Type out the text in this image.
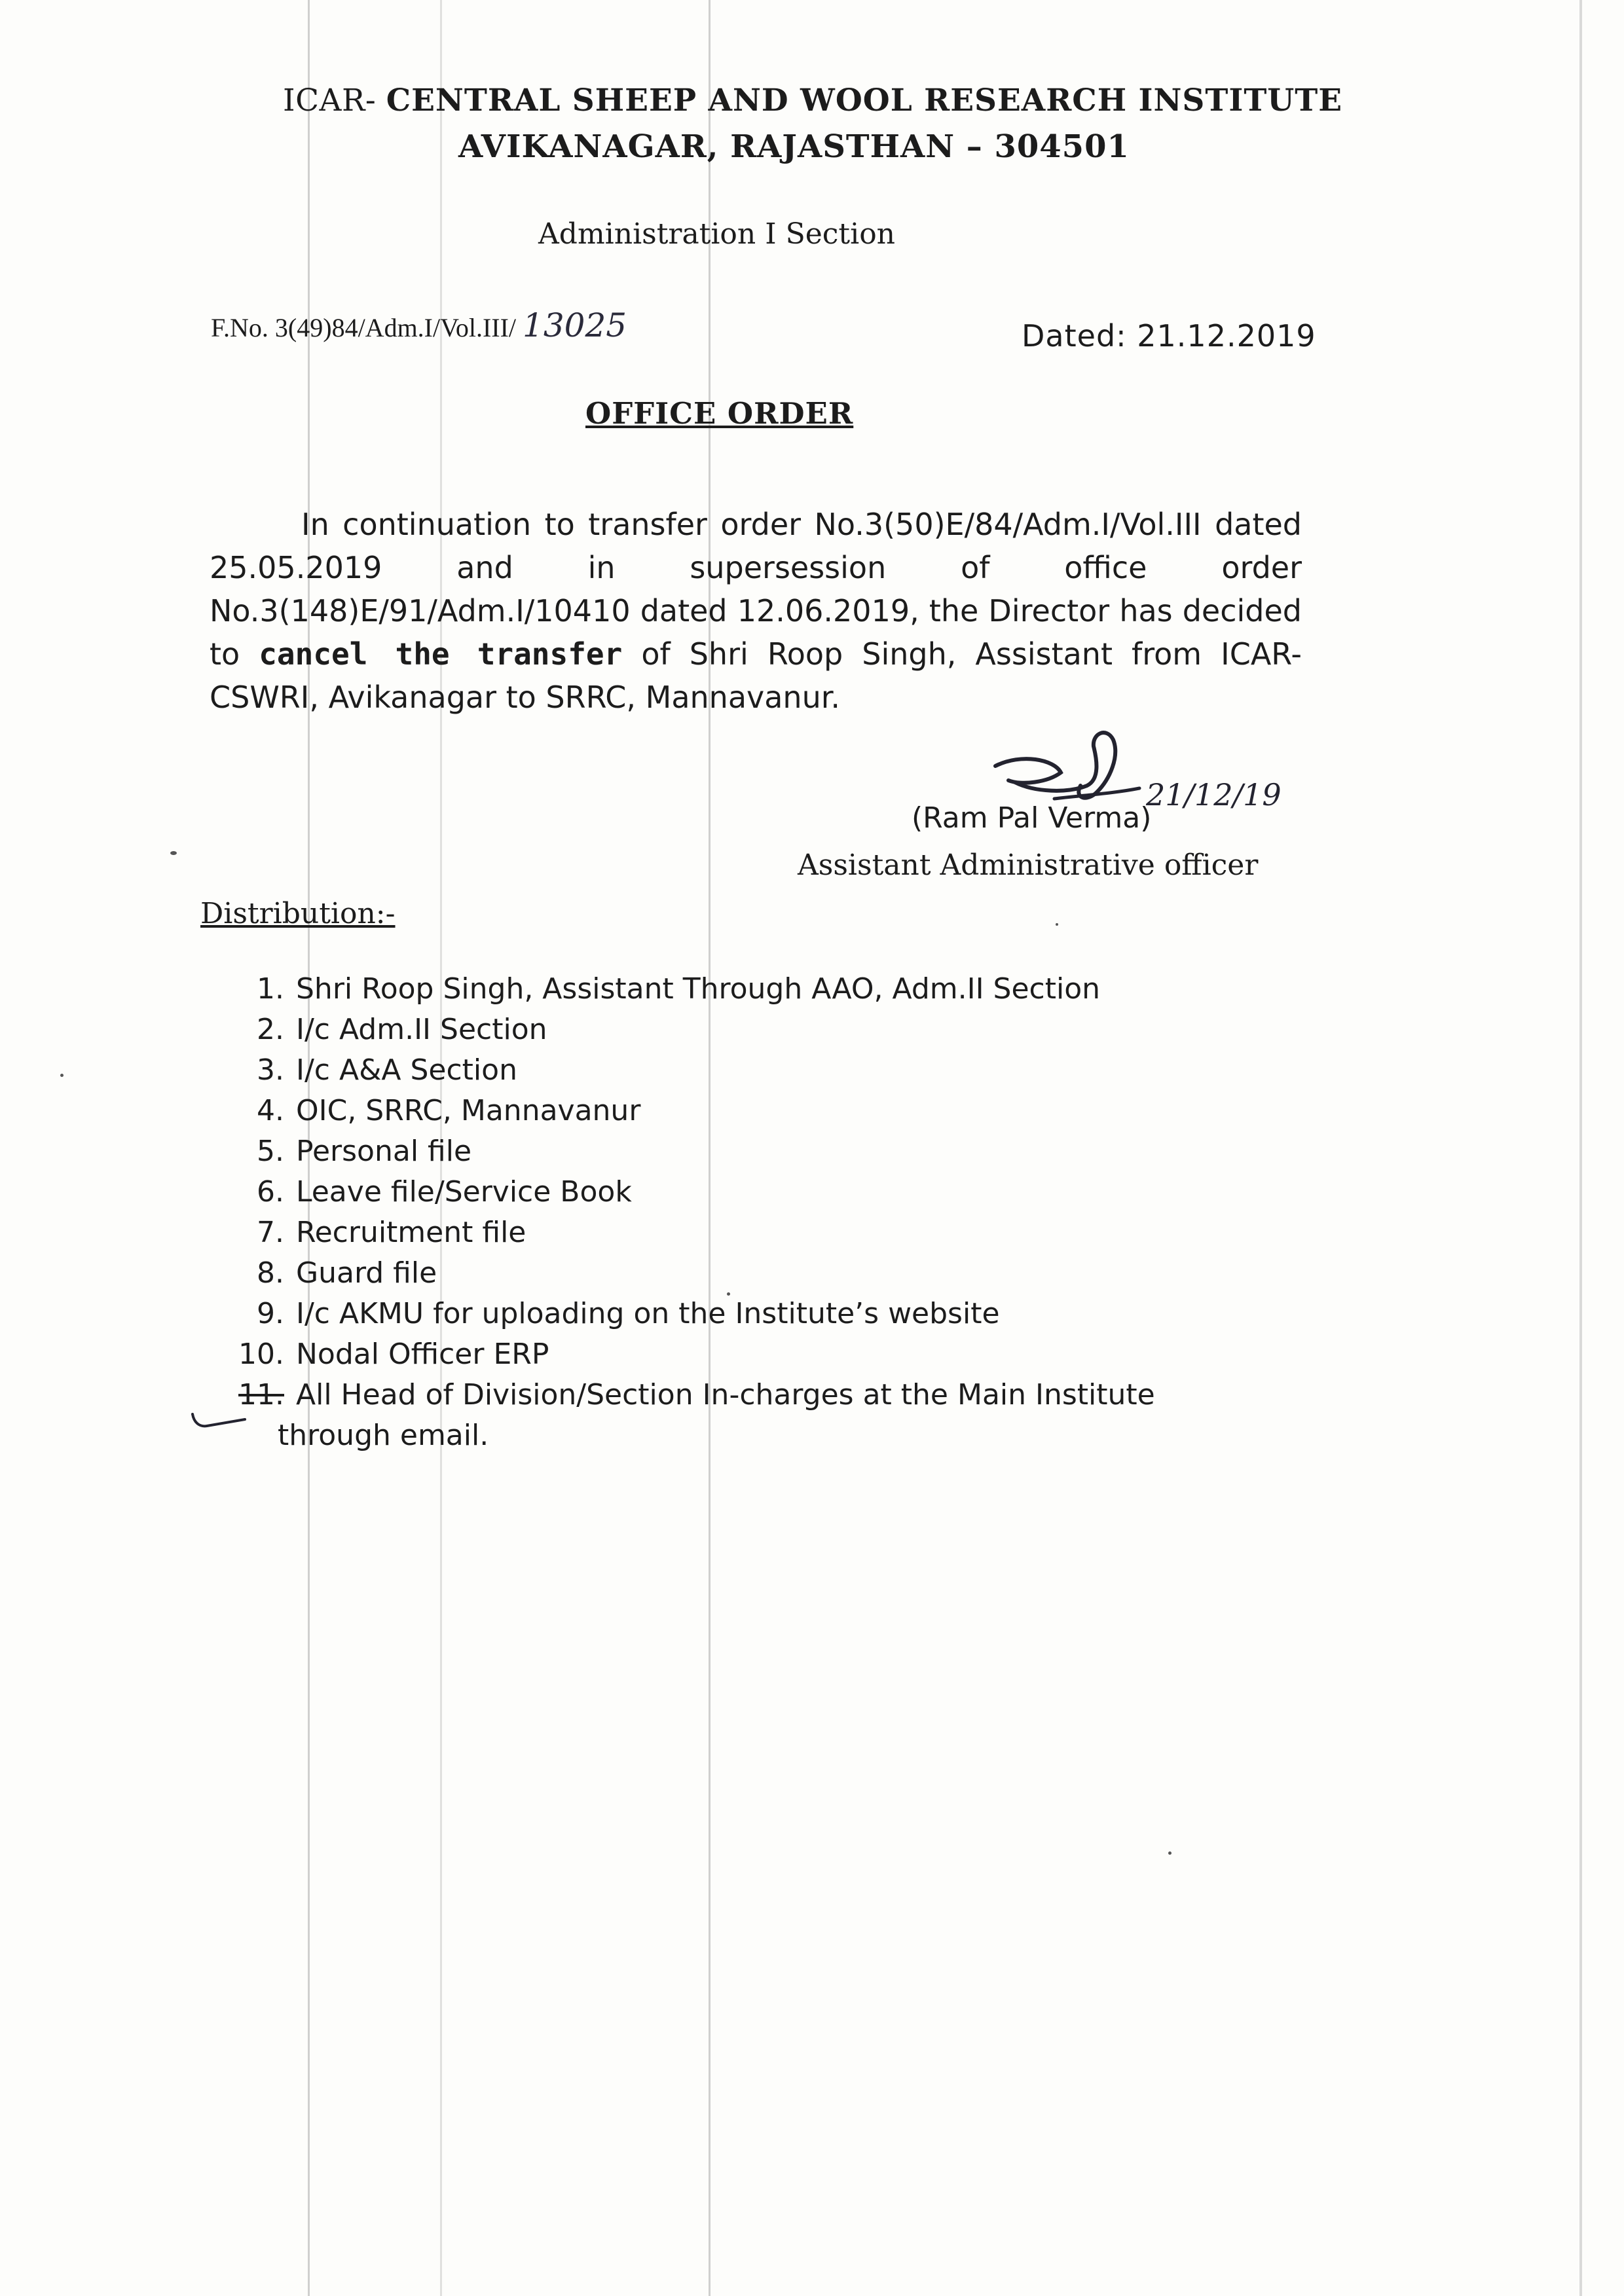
ICAR- CENTRAL SHEEP AND WOOL RESEARCH INSTITUTE
AVIKANAGAR, RAJASTHAN – 304501
Administration I Section
F.No. 3(49)84/Adm.I/Vol.III/ 13025	Dated: 21.12.2019
OFFICE ORDER

In continuation to transfer order No.3(50)E/84/Adm.I/Vol.III dated 25.05.2019 and in supersession of office order No.3(148)E/91/Adm.I/10410 dated 12.06.2019, the Director has decided to cancel the transfer of Shri Roop Singh, Assistant from ICAR-CSWRI, Avikanagar to SRRC, Mannavanur.

21/12/19
(Ram Pal Verma)
Assistant Administrative officer
Distribution:-
1. Shri Roop Singh, Assistant Through AAO, Adm.II Section
2. I/c Adm.II Section
3. I/c A&A Section
4. OIC, SRRC, Mannavanur
5. Personal file
6. Leave file/Service Book
7. Recruitment file
8. Guard file
9. I/c AKMU for uploading on the Institute’s website
10. Nodal Officer ERP
11. All Head of Division/Section In-charges at the Main Institute
through email.
